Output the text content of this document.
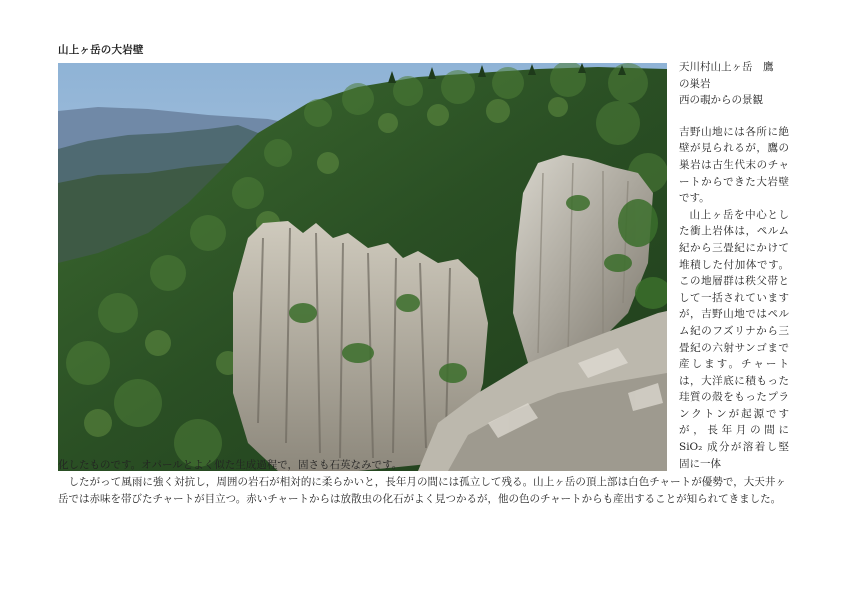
山上ヶ岳の大岩壁
天川村山上ヶ岳　鷹
の巣岩
西の覗からの景観

吉野山地には各所に絶壁が見られるが，鷹の巣岩は古生代末のチャートからできた大岩壁です。

山上ヶ岳を中心とした衝上岩体は，ペルム紀から三畳紀にかけて堆積した付加体です。この地層群は秩父帯として一括されていますが，吉野山地ではペルム紀のフズリナから三畳紀の六射サンゴまで産します。チャートは，大洋底に積もった珪質の殻をもったプランクトンが起源ですが，長年月の間に SiO₂ 成分が溶着し堅固に一体

化したものです。オパールとよく似た生成過程で，固さも石英なみです。

したがって風雨に強く対抗し，周囲の岩石が相対的に柔らかいと，長年月の間には孤立して残る。山上ヶ岳の頂上部は白色チャートが優勢で，大天井ヶ岳では赤味を帯びたチャートが目立つ。赤いチャートからは放散虫の化石がよく見つかるが，他の色のチャートからも産出することが知られてきました。
